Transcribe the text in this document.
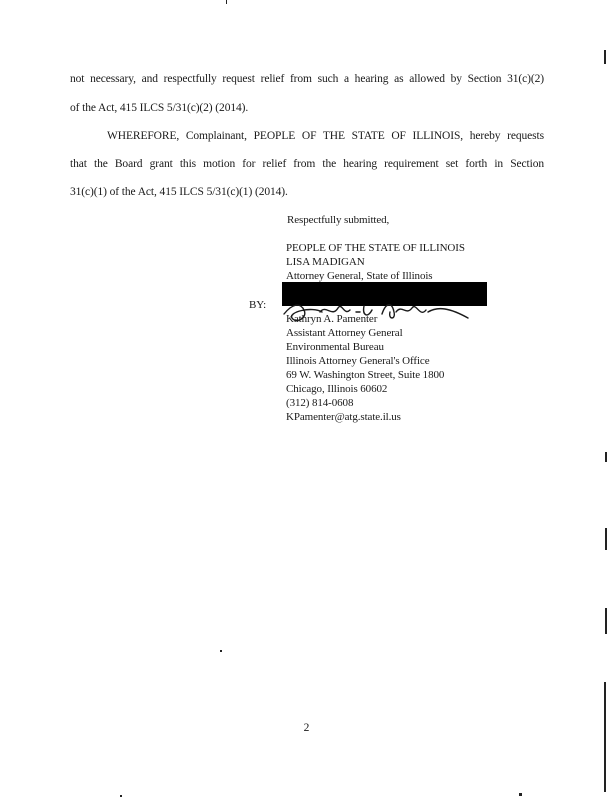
not necessary, and respectfully request relief from such a hearing as allowed by Section 31(c)(2)
of the Act, 415 ILCS 5/31(c)(2) (2014).
WHEREFORE, Complainant, PEOPLE OF THE STATE OF ILLINOIS, hereby requests
that the Board grant this motion for relief from the hearing requirement set forth in Section
31(c)(1) of the Act, 415 ILCS 5/31(c)(1) (2014).
Respectfully submitted,
PEOPLE OF THE STATE OF ILLINOIS
LISA MADIGAN
Attorney General, State of Illinois
BY:
Kathryn A. Pamenter
Assistant Attorney General
Environmental Bureau
Illinois Attorney General's Office
69 W. Washington Street, Suite 1800
Chicago, Illinois 60602
(312) 814-0608
KPamenter@atg.state.il.us
2
